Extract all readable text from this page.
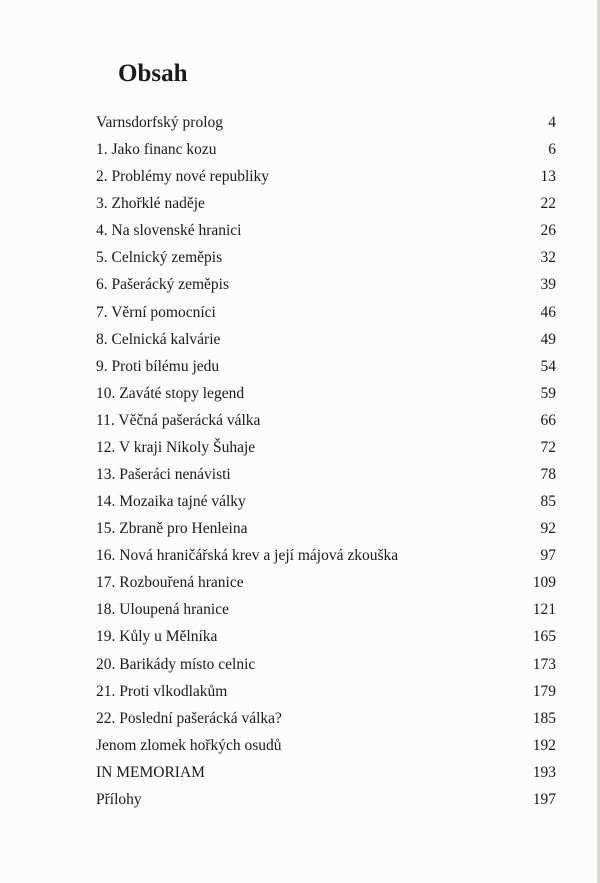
Obsah
Varnsdorfský prolog	4
1. Jako financ kozu	6
2. Problémy nové republiky	13
3. Zhořklé naděje	22
4. Na slovenské hranici	26
5. Celnický zeměpis	32
6. Pašerácký zeměpis	39
7. Věrní pomocníci	46
8. Celnická kalvárie	49
9. Proti bílému jedu	54
10. Zaváté stopy legend	59
11. Věčná pašerácká válka	66
12. V kraji Nikoly Šuhaje	72
13. Pašeráci nenávisti	78
14. Mozaika tajné války	85
15. Zbraně pro Henleina	92
16. Nová hraničářská krev a její májová zkouška	97
17. Rozbouřená hranice	109
18. Uloupená hranice	121
19. Kůly u Mělníka	165
20. Barikády místo celnic	173
21. Proti vlkodlakům	179
22. Poslední pašerácká válka?	185
Jenom zlomek hořkých osudů	192
IN MEMORIAM	193
Přílohy	197
